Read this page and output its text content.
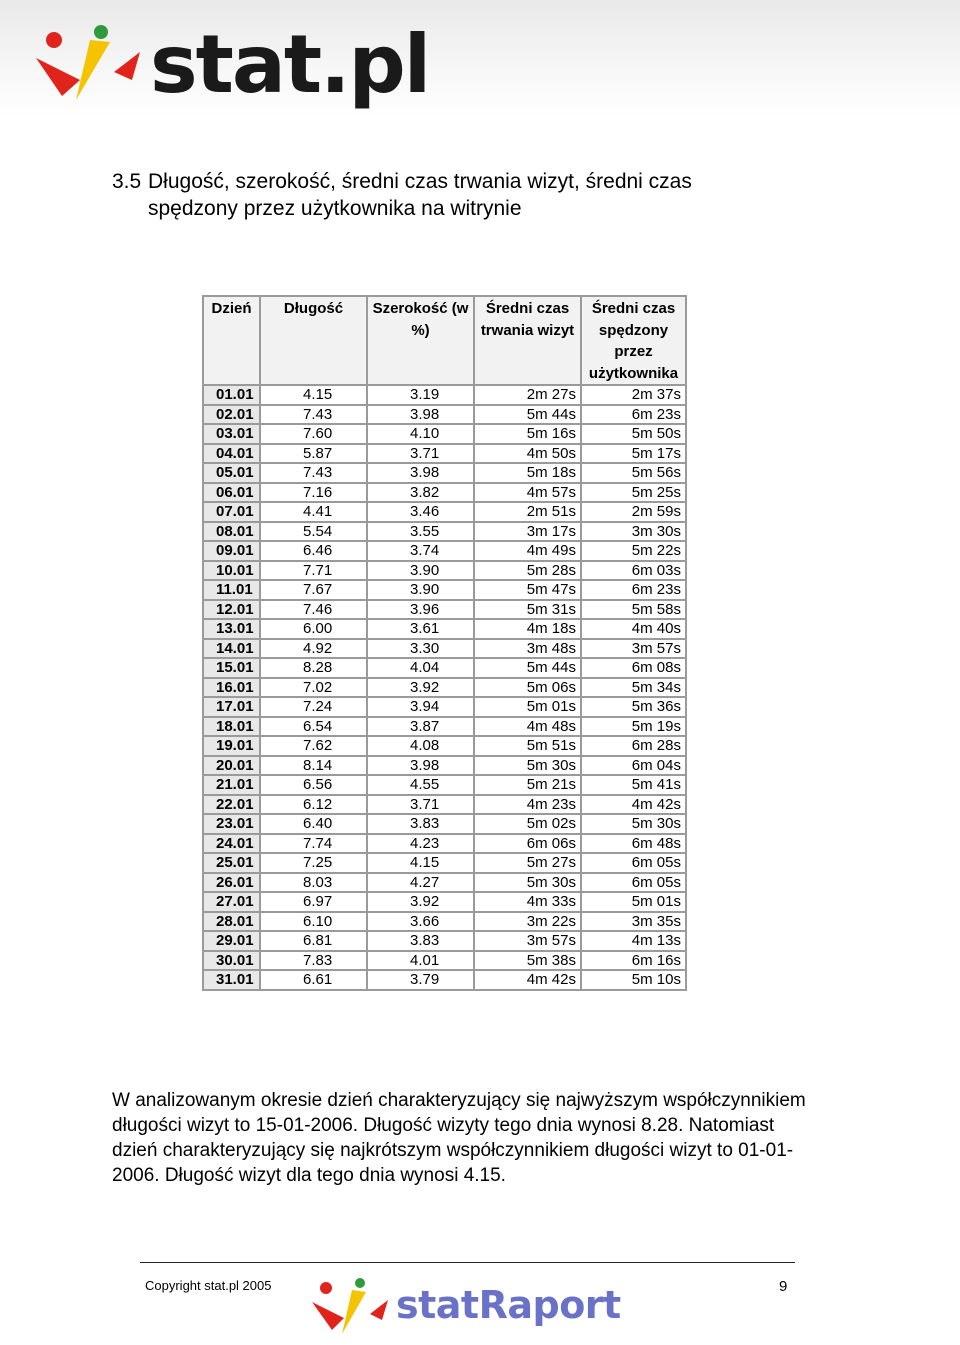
stat.pl
3.5 Długość, szerokość, średni czas trwania wizyt, średni czas
spędzony przez użytkownika na witrynie
Dzień	Długość	Szerokość (w %)	Średni czas trwania wizyt	Średni czas spędzony przez użytkownika
01.01	4.15	3.19	2m 27s	2m 37s
02.01	7.43	3.98	5m 44s	6m 23s
03.01	7.60	4.10	5m 16s	5m 50s
04.01	5.87	3.71	4m 50s	5m 17s
05.01	7.43	3.98	5m 18s	5m 56s
06.01	7.16	3.82	4m 57s	5m 25s
07.01	4.41	3.46	2m 51s	2m 59s
08.01	5.54	3.55	3m 17s	3m 30s
09.01	6.46	3.74	4m 49s	5m 22s
10.01	7.71	3.90	5m 28s	6m 03s
11.01	7.67	3.90	5m 47s	6m 23s
12.01	7.46	3.96	5m 31s	5m 58s
13.01	6.00	3.61	4m 18s	4m 40s
14.01	4.92	3.30	3m 48s	3m 57s
15.01	8.28	4.04	5m 44s	6m 08s
16.01	7.02	3.92	5m 06s	5m 34s
17.01	7.24	3.94	5m 01s	5m 36s
18.01	6.54	3.87	4m 48s	5m 19s
19.01	7.62	4.08	5m 51s	6m 28s
20.01	8.14	3.98	5m 30s	6m 04s
21.01	6.56	4.55	5m 21s	5m 41s
22.01	6.12	3.71	4m 23s	4m 42s
23.01	6.40	3.83	5m 02s	5m 30s
24.01	7.74	4.23	6m 06s	6m 48s
25.01	7.25	4.15	5m 27s	6m 05s
26.01	8.03	4.27	5m 30s	6m 05s
27.01	6.97	3.92	4m 33s	5m 01s
28.01	6.10	3.66	3m 22s	3m 35s
29.01	6.81	3.83	3m 57s	4m 13s
30.01	7.83	4.01	5m 38s	6m 16s
31.01	6.61	3.79	4m 42s	5m 10s
W analizowanym okresie dzień charakteryzujący się najwyższym współczynnikiem długości wizyt to 15-01-2006. Długość wizyty tego dnia wynosi 8.28. Natomiast dzień charakteryzujący się najkrótszym współczynnikiem długości wizyt to 01-01-2006. Długość wizyt dla tego dnia wynosi 4.15.
Copyright stat.pl 2005	statRaport	9
